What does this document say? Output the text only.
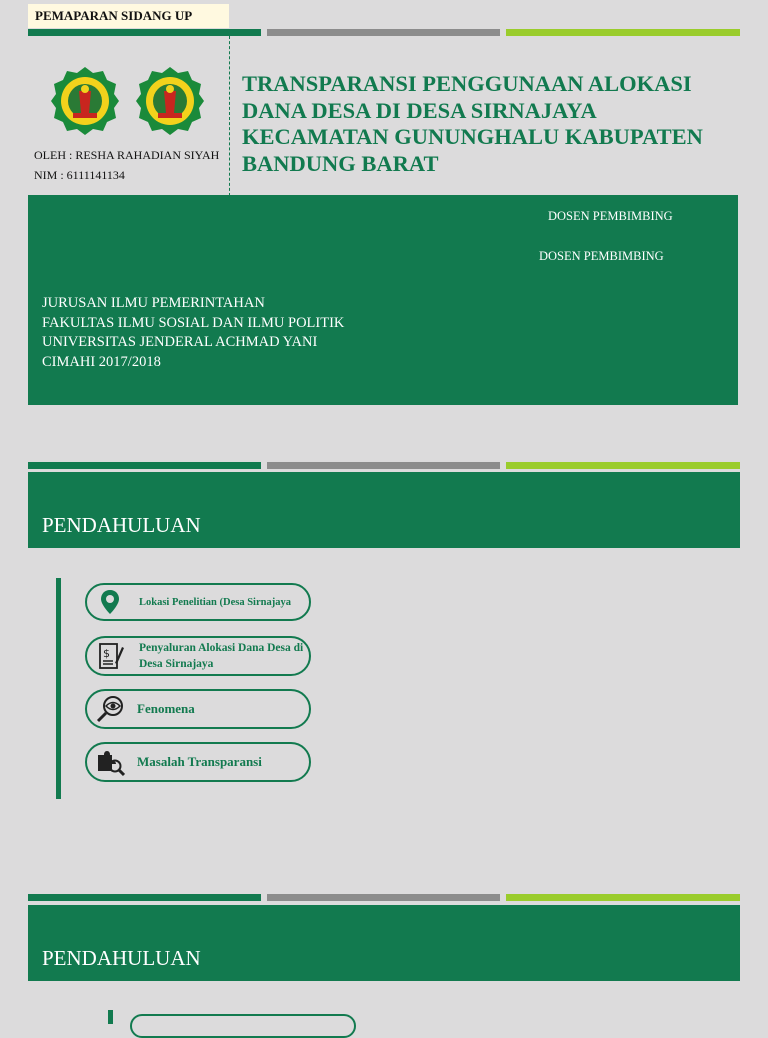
PEMAPARAN SIDANG UP
OLEH : RESHA RAHADIAN SIYAH
NIM : 6111141134
TRANSPARANSI PENGGUNAAN ALOKASI DANA DESA DI DESA SIRNAJAYA KECAMATAN GUNUNGHALU KABUPATEN BANDUNG BARAT
DOSEN PEMBIMBING
DOSEN PEMBIMBING
JURUSAN ILMU PEMERINTAHAN
FAKULTAS ILMU SOSIAL DAN ILMU POLITIK
UNIVERSITAS JENDERAL ACHMAD YANI
CIMAHI 2017/2018
PENDAHULUAN
Lokasi Penelitian (Desa Sirnajaya
$	Penyaluran Alokasi Dana Desa di Desa Sirnajaya
Fenomena
Masalah Transparansi
PENDAHULUAN
